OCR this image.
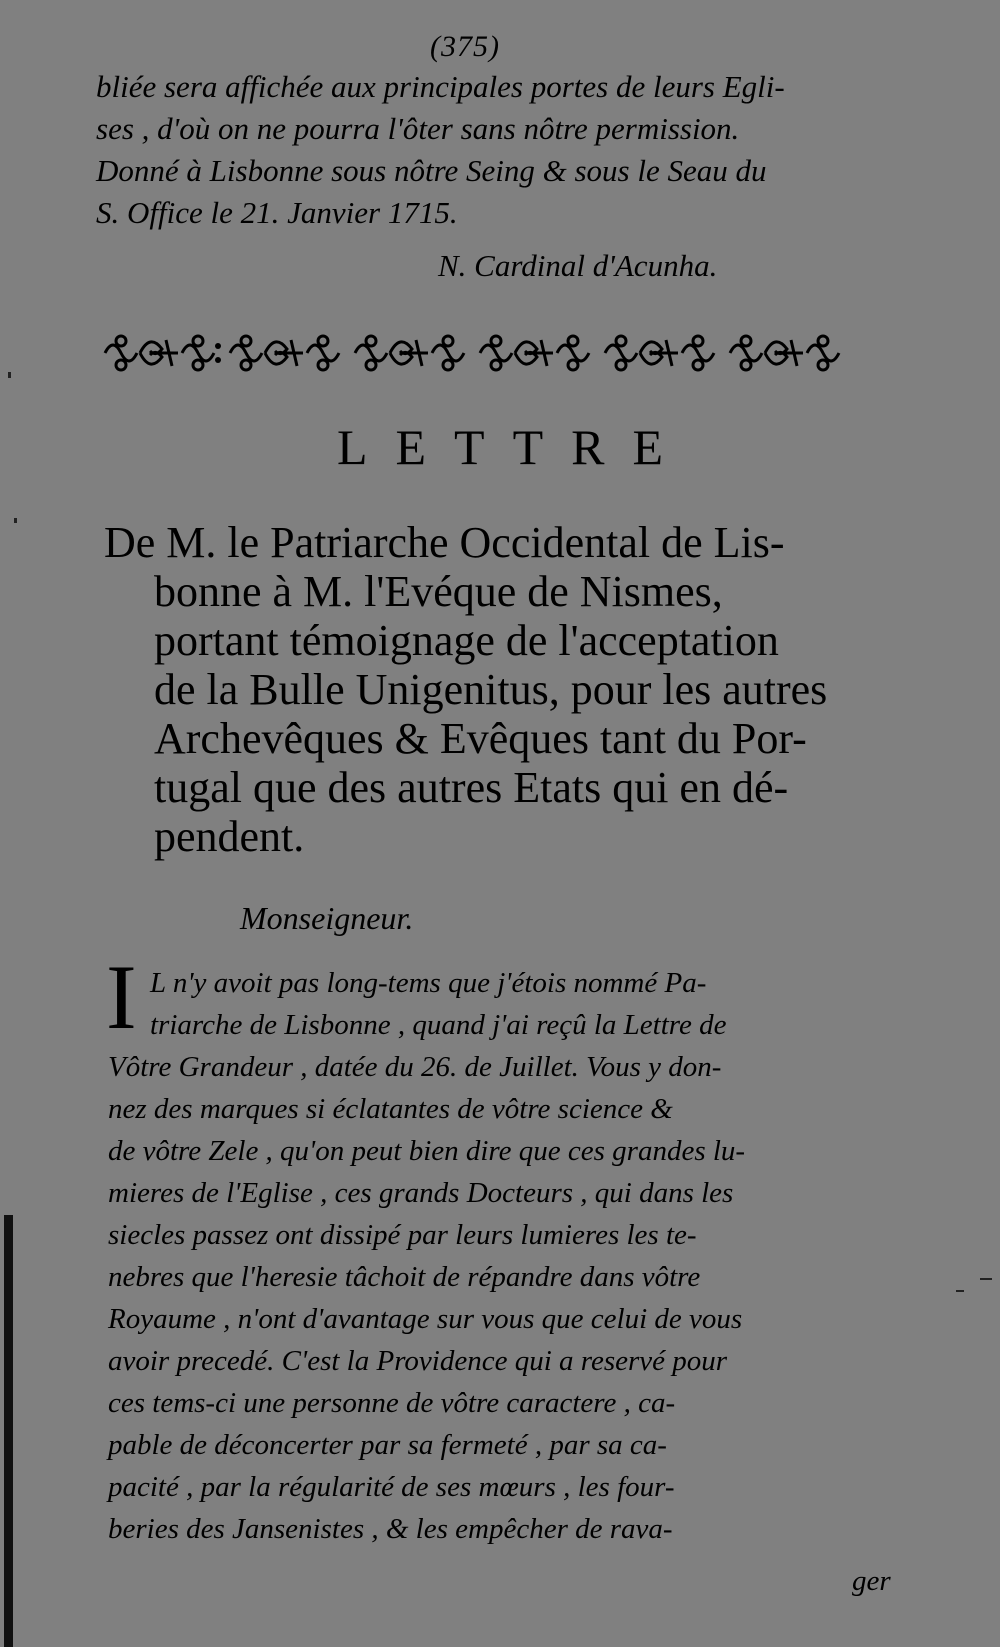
(375)
bliée sera affichée aux principales portes de leurs Egli-
ses , d'où on ne pourra l'ôter sans nôtre permission.
Donné à Lisbonne sous nôtre Seing & sous le Seau du
S. Office le 21. Janvier 1715.
N. Cardinal d'Acunha.
LETTRE
De M. le Patriarche Occidental de Lis-
bonne à M. l'Evéque de Nismes,
portant témoignage de l'acceptation
de la Bulle Unigenitus, pour les autres
Archevêques & Evêques tant du Por-
tugal que des autres Etats qui en dé-
pendent.
Monseigneur.
I L n'y avoit pas long-tems que j'étois nommé Pa-
triarche de Lisbonne , quand j'ai reçû la Lettre de
Vôtre Grandeur , datée du 26. de Juillet. Vous y don-
nez des marques si éclatantes de vôtre science &
de vôtre Zele , qu'on peut bien dire que ces grandes lu-
mieres de l'Eglise , ces grands Docteurs , qui dans les
siecles passez ont dissipé par leurs lumieres les te-
nebres que l'heresie tâchoit de répandre dans vôtre
Royaume , n'ont d'avantage sur vous que celui de vous
avoir precedé. C'est la Providence qui a reservé pour
ces tems-ci une personne de vôtre caractere , ca-
pable de déconcerter par sa fermeté , par sa ca-
pacité , par la régularité de ses mœurs , les four-
beries des Jansenistes , & les empêcher de rava-
ger
